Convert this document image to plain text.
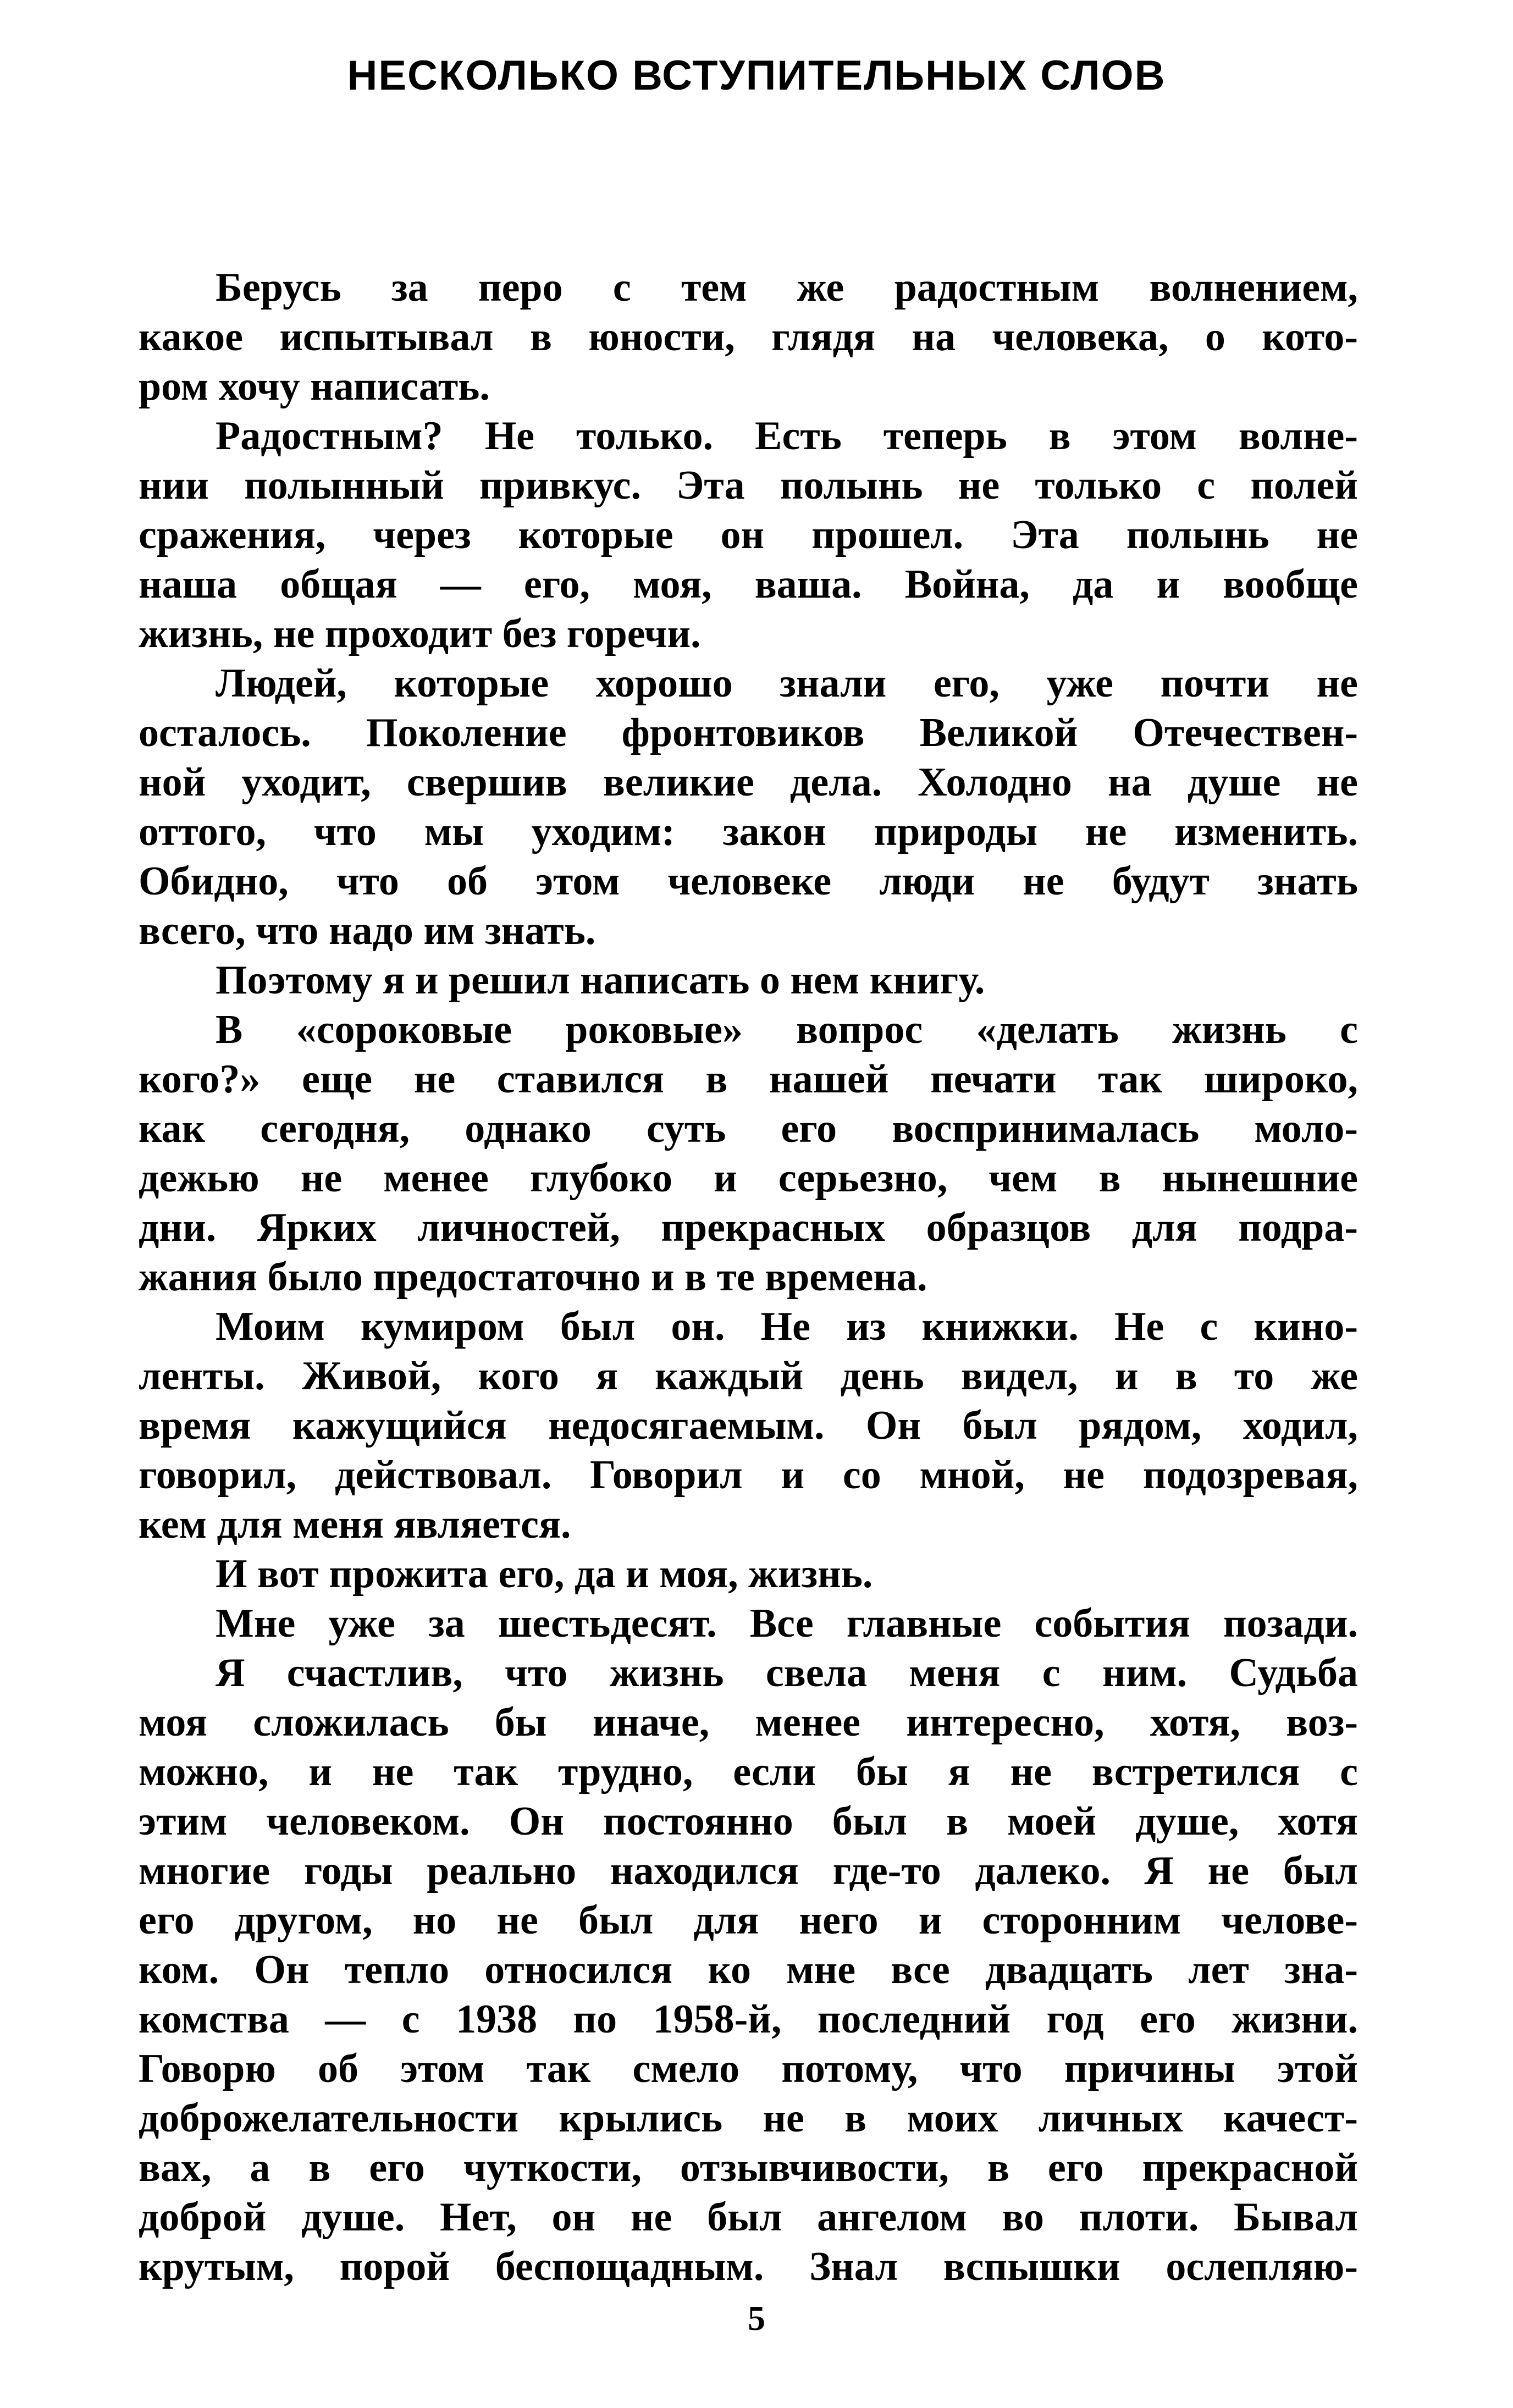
НЕСКОЛЬКО ВСТУПИТЕЛЬНЫХ СЛОВ
Берусь за перо с тем же радостным волнением,
какое испытывал в юности, глядя на человека, о кото-
ром хочу написать.
Радостным? Не только. Есть теперь в этом волне-
нии полынный привкус. Эта полынь не только с полей
сражения, через которые он прошел. Эта полынь не
наша общая — его, моя, ваша. Война, да и вообще
жизнь, не проходит без горечи.
Людей, которые хорошо знали его, уже почти не
осталось. Поколение фронтовиков Великой Отечествен-
ной уходит, свершив великие дела. Холодно на душе не
оттого, что мы уходим: закон природы не изменить.
Обидно, что об этом человеке люди не будут знать
всего, что надо им знать.
Поэтому я и решил написать о нем книгу.
В «сороковые роковые» вопрос «делать жизнь с
кого?» еще не ставился в нашей печати так широко,
как сегодня, однако суть его воспринималась моло-
дежью не менее глубоко и серьезно, чем в нынешние
дни. Ярких личностей, прекрасных образцов для подра-
жания было предостаточно и в те времена.
Моим кумиром был он. Не из книжки. Не с кино-
ленты. Живой, кого я каждый день видел, и в то же
время кажущийся недосягаемым. Он был рядом, ходил,
говорил, действовал. Говорил и со мной, не подозревая,
кем для меня является.
И вот прожита его, да и моя, жизнь.
Мне уже за шестьдесят. Все главные события позади.
Я счастлив, что жизнь свела меня с ним. Судьба
моя сложилась бы иначе, менее интересно, хотя, воз-
можно, и не так трудно, если бы я не встретился с
этим человеком. Он постоянно был в моей душе, хотя
многие годы реально находился где-то далеко. Я не был
его другом, но не был для него и сторонним челове-
ком. Он тепло относился ко мне все двадцать лет зна-
комства — с 1938 по 1958-й, последний год его жизни.
Говорю об этом так смело потому, что причины этой
доброжелательности крылись не в моих личных качест-
вах, а в его чуткости, отзывчивости, в его прекрасной
доброй душе. Нет, он не был ангелом во плоти. Бывал
крутым, порой беспощадным. Знал вспышки ослепляю-
5
